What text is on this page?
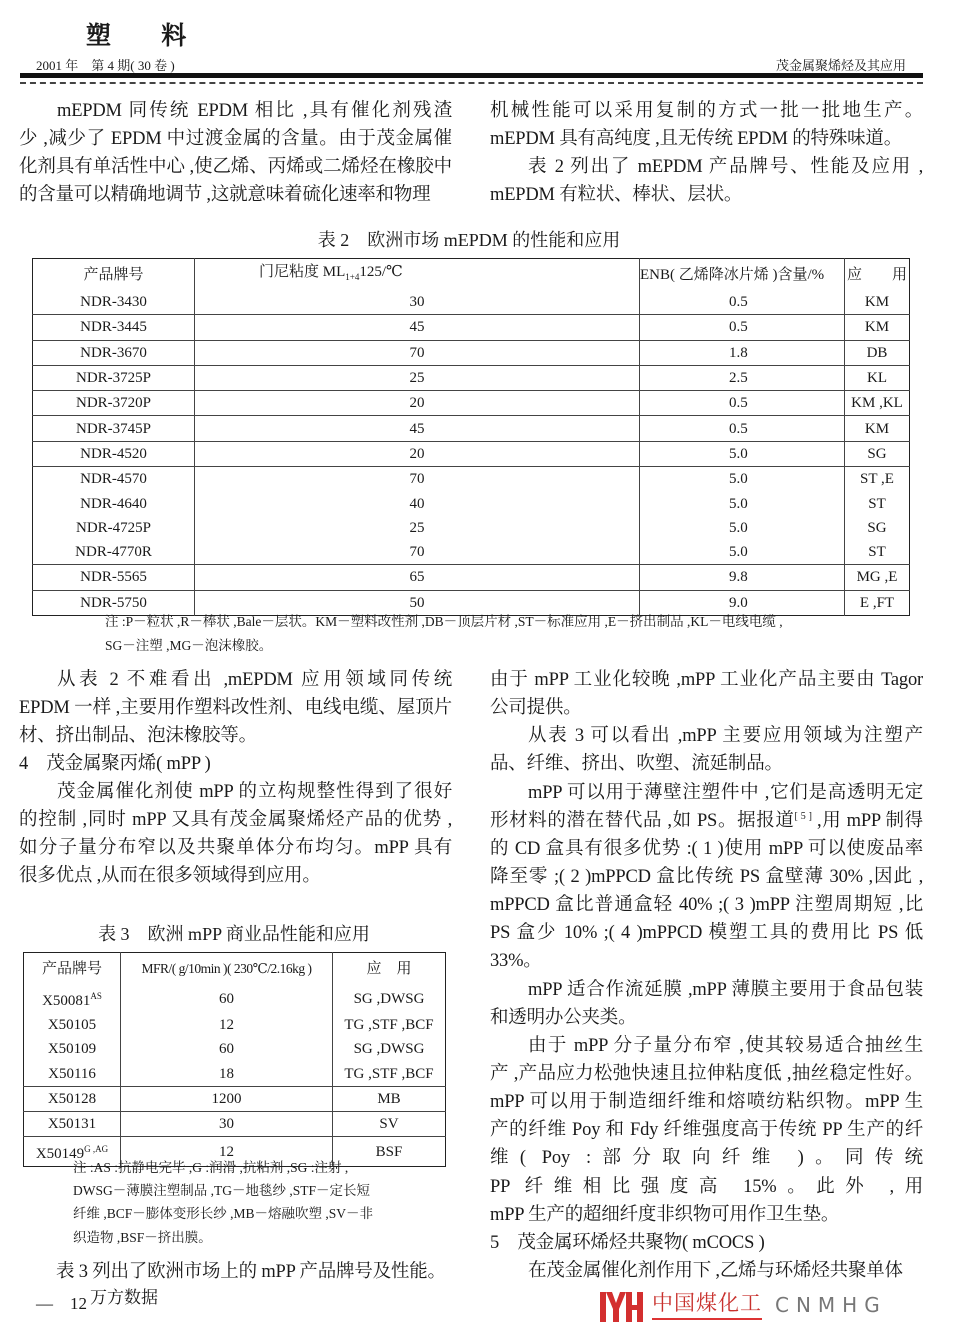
塑 料
2001 年　第 4 期( 30 卷 )	茂金属聚烯烃及其应用
mEPDM 同传统 EPDM 相比 ,具有催化剂残渣
少 ,减少了 EPDM 中过渡金属的含量。由于茂金属催
化剂具有单活性中心 ,使乙烯、丙烯或二烯烃在橡胶中
的含量可以精确地调节 ,这就意味着硫化速率和物理
机械性能可以采用复制的方式一批一批地生产。
mEPDM 具有高纯度 ,且无传统 EPDM 的特殊味道。
表 2 列出了 mEPDM 产品牌号、性能及应用 ,
mEPDM 有粒状、棒状、层状。
表 2　欧洲市场 mEPDM 的性能和应用
产品牌号	门尼粘度 $ML_{1+4}125/℃$	ENB( 乙烯降冰片烯 )含量/%	应　　用
NDR-3430	30	0.5	KM
NDR-3445	45	0.5	KM
NDR-3670	70	1.8	DB
NDR-3725P	25	2.5	KL
NDR-3720P	20	0.5	KM ,KL
NDR-3745P	45	0.5	KM
NDR-4520	20	5.0	SG
NDR-4570	70	5.0	ST ,E
NDR-4640	40	5.0	ST
NDR-4725P	25	5.0	SG
NDR-4770R	70	5.0	ST
NDR-5565	65	9.8	MG ,E
NDR-5750	50	9.0	E ,FT
注 :P－粒状 ,R－棒状 ,Bale－层状。KM－塑料改性剂 ,DB－顶层片材 ,ST－标准应用 ,E－挤出制品 ,KL－电线电缆 ,
SG－注塑 ,MG－泡沫橡胶。
从表 2 不难看出 ,mEPDM 应用领域同传统
EPDM 一样 ,主要用作塑料改性剂、电线电缆、屋顶片
材、挤出制品、泡沫橡胶等。
4　茂金属聚丙烯( mPP )
茂金属催化剂使 mPP 的立构规整性得到了很好
的控制 ,同时 mPP 又具有茂金属聚烯烃产品的优势 ,
如分子量分布窄以及共聚单体分布均匀。mPP 具有
很多优点 ,从而在很多领域得到应用。
表 3　欧洲 mPP 商业品性能和应用
产品牌号	MFR/( g/10min )( 230℃/2.16kg )	应　用
$X50081^{AS}$	60	SG ,DWSG
X50105	12	TG ,STF ,BCF
X50109	60	SG ,DWSG
X50116	18	TG ,STF ,BCF
X50128	1200	MB
X50131	30	SV
$X50149^{G ,AG}$	12	BSF
注 :AS :抗静电完毕 ,G :润滑 ,抗粘剂 ,SG :注射 ,
DWSG－薄膜注塑制品 ,TG－地毯纱 ,STF－定长短
纤维 ,BCF－膨体变形长纱 ,MB－熔融吹塑 ,SV－非
织造物 ,BSF－挤出膜。
表 3 列出了欧洲市场上的 mPP 产品牌号及性能。
由于 mPP 工业化较晚 ,mPP 工业化产品主要由 Tagor
公司提供。
从表 3 可以看出 ,mPP 主要应用领域为注塑产
品、纤维、挤出、吹塑、流延制品。
mPP 可以用于薄壁注塑件中 ,它们是高透明无定
形材料的潜在替代品 ,如 PS。据报道[ 5 ] ,用 mPP 制得
的 CD 盒具有很多优势 :( 1 )使用 mPP 可以使废品率
降至零 ;( 2 )mPPCD 盒比传统 PS 盒壁薄 30% ,因此 ,
mPPCD 盒比普通盒轻 40% ;( 3 )mPP 注塑周期短 ,比
PS 盒少 10% ;( 4 )mPPCD 模塑工具的费用比 PS 低
33%。
mPP 适合作流延膜 ,mPP 薄膜主要用于食品包装
和透明办公夹类。
由于 mPP 分子量分布窄 ,使其较易适合抽丝生
产 ,产品应力松弛快速且拉伸粘度低 ,抽丝稳定性好。
mPP 可以用于制造细纤维和熔喷纺粘织物。mPP 生
产的纤维 Poy 和 Fdy 纤维强度高于传统 PP 生产的纤
维( Poy :部分取向纤维 )。同传统
PP 纤维相比强度高 15%。此外 ,用
mPP 生产的超细纤度非织物可用作卫生垫。
5　茂金属环烯烃共聚物( mCOCS )
在茂金属催化剂作用下 ,乙烯与环烯烃共聚单体
—　12 万方数据	中国煤化工 CNMHG
